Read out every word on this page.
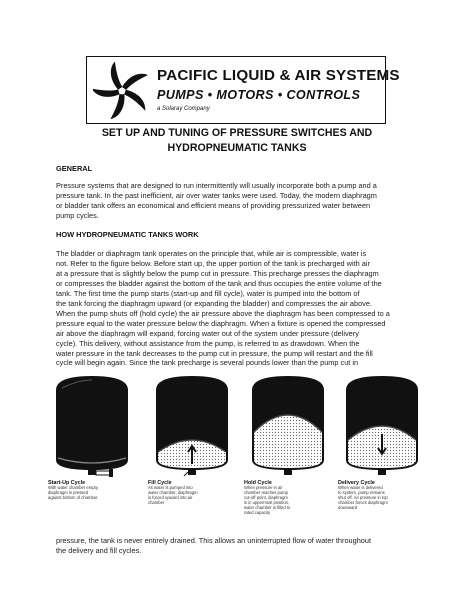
PACIFIC LIQUID & AIR SYSTEMS
PUMPS • MOTORS • CONTROLS
a Solaray Company
SET UP AND TUNING OF PRESSURE SWITCHES AND
HYDROPNEUMATIC TANKS
GENERAL
Pressure systems that are designed to run intermittently will usually incorporate both a pump and a
pressure tank. In the past inefficient, air over water tanks were used. Today, the modern diaphragm
or bladder tank offers an economical and efficient means of providing pressurized water between
pump cycles.
HOW HYDROPNEUMATIC TANKS WORK
The bladder or diaphragm tank operates on the principle that, while air is compressible, water is
not. Refer to the figure below. Before start up, the upper portion of the tank is precharged with air
at a pressure that is slightly below the pump cut in pressure. This precharge presses the diaphragm
or compresses the bladder against the bottom of the tank and thus occupies the entire volume of the
tank. The first time the pump starts (start-up and fill cycle), water is pumped into the bottom of
the tank forcing the diaphragm upward (or expanding the bladder) and compresses the air above.
When the pump shuts off (hold cycle) the air pressure above the diaphragm has been compressed to a
pressure equal to the water pressure below the diaphragm. When a fixture is opened the compressed
air above the diaphragm will expand, forcing water out of the system under pressure (delivery
cycle). This delivery, without assistance from the pump, is referred to as drawdown. When the
water pressure in the tank decreases to the pump cut in pressure, the pump will restart and the fill
cycle will begin again. Since the tank precharge is several pounds lower than the pump cut in
Start-Up Cycle
With water chamber empty,
diaphragm is pressed
against bottom of chamber.
Fill Cycle
As water is pumped into
water chamber, diaphragm
is forced upward into air
chamber
Hold Cycle
When pressure in air
chamber reaches pump
cut-off point, diaphragm
is in uppermost position,
water chamber is filled to
rated capacity
Delivery Cycle
When water is delivered
to system, pump remains
shut off. Air pressure in top
chamber forces diaphragm
downward
pressure, the tank is never entirely drained. This allows an uninterrupted flow of water throughout
the delivery and fill cycles.
